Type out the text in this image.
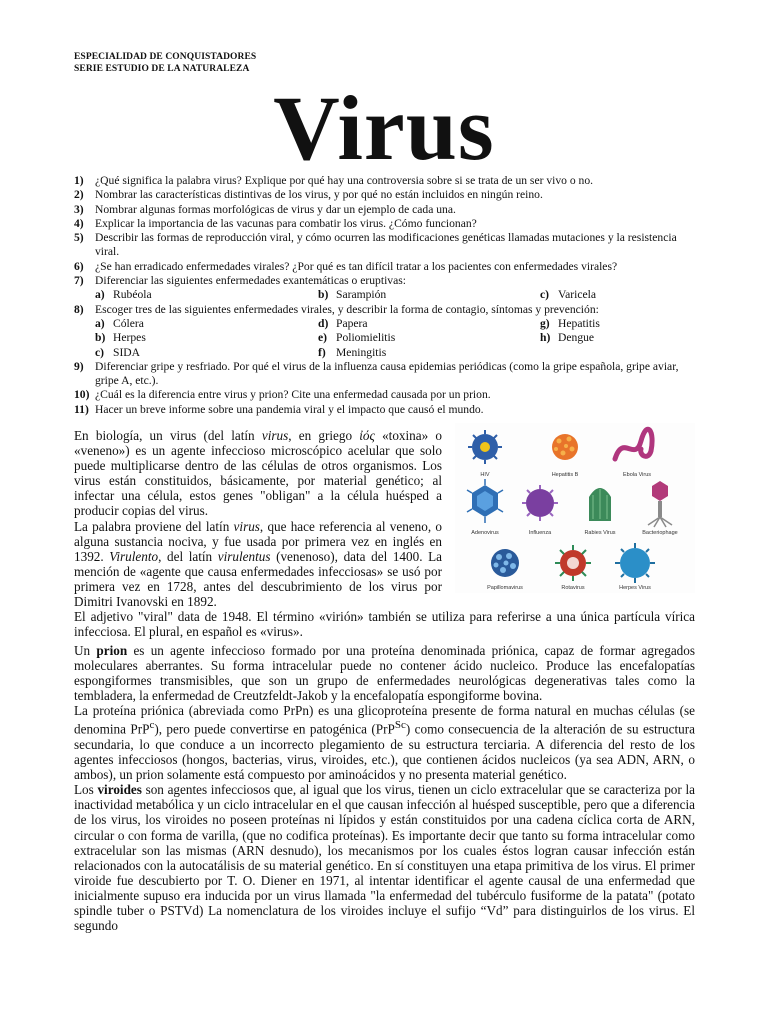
ESPECIALIDAD DE CONQUISTADORES
SERIE ESTUDIO DE LA NATURALEZA
Virus
1) ¿Qué significa la palabra virus? Explique por qué hay una controversia sobre si se trata de un ser vivo o no.
2) Nombrar las características distintivas de los virus, y por qué no están incluidos en ningún reino.
3) Nombrar algunas formas morfológicas de virus y dar un ejemplo de cada una.
4) Explicar la importancia de las vacunas para combatir los virus. ¿Cómo funcionan?
5) Describir las formas de reproducción viral, y cómo ocurren las modificaciones genéticas llamadas mutaciones y la resistencia viral.
6) ¿Se han erradicado enfermedades virales? ¿Por qué es tan difícil tratar a los pacientes con enfermedades virales?
7) Diferenciar las siguientes enfermedades exantemáticas o eruptivas:
a) Rubéola	b) Sarampión	c) Varicela
8) Escoger tres de las siguientes enfermedades virales, y describir la forma de contagio, síntomas y prevención:
a) Cólera	d) Papera	g) Hepatitis
b) Herpes	e) Poliomielitis	h) Dengue
c) SIDA	f) Meningitis
9) Diferenciar gripe y resfriado. Por qué el virus de la influenza causa epidemias periódicas (como la gripe española, gripe aviar, gripe A, etc.).
10) ¿Cuál es la diferencia entre virus y prion? Cite una enfermedad causada por un prion.
11) Hacer un breve informe sobre una pandemia viral y el impacto que causó el mundo.
HIV	Hepatitis B	Ebola Virus
Adenovirus	Influenza	Rabies Virus	Bacteriophage
Papillomavirus	Rotavirus	Herpes Virus

En biología, un virus (del latín virus, en griego ἰός «toxina» o «veneno») es un agente infeccioso microscópico acelular que solo puede multiplicarse dentro de las células de otros organismos. Los virus están constituidos, básicamente, por material genético; al infectar una célula, estos genes "obligan" a la célula huésped a producir copias del virus.

La palabra proviene del latín virus, que hace referencia al veneno, o alguna sustancia nociva, y fue usada por primera vez en inglés en 1392. Virulento, del latín virulentus (venenoso), data del 1400. La mención de «agente que causa enfermedades infecciosas» se usó por primera vez en 1728, antes del descubrimiento de los virus por Dimitri Ivanovski en 1892.

El adjetivo "viral" data de 1948. El término «virión» también se utiliza para referirse a una única partícula vírica infecciosa. El plural, en español es «virus».

Un prion es un agente infeccioso formado por una proteína denominada priónica, capaz de formar agregados moleculares aberrantes. Su forma intracelular puede no contener ácido nucleico. Produce las encefalopatías espongiformes transmisibles, que son un grupo de enfermedades neurológicas degenerativas tales como la tembladera, la enfermedad de Creutzfeldt-Jakob y la encefalopatía espongiforme bovina.

La proteína priónica (abreviada como PrPn) es una glicoproteína presente de forma natural en muchas células (se denomina PrP$^c$), pero puede convertirse en patogénica (PrP$^{Sc}$) como consecuencia de la alteración de su estructura secundaria, lo que conduce a un incorrecto plegamiento de su estructura terciaria. A diferencia del resto de los agentes infecciosos (hongos, bacterias, virus, viroides, etc.), que contienen ácidos nucleicos (ya sea ADN, ARN, o ambos), un prion solamente está compuesto por aminoácidos y no presenta material genético.

Los viroides son agentes infecciosos que, al igual que los virus, tienen un ciclo extracelular que se caracteriza por la inactividad metabólica y un ciclo intracelular en el que causan infección al huésped susceptible, pero que a diferencia de los virus, los viroides no poseen proteínas ni lípidos y están constituidos por una cadena cíclica corta de ARN, circular o con forma de varilla, (que no codifica proteínas). Es importante decir que tanto su forma intracelular como extracelular son las mismas (ARN desnudo), los mecanismos por los cuales éstos logran causar infección están relacionados con la autocatálisis de su material genético. En sí constituyen una etapa primitiva de los virus. El primer viroide fue descubierto por T. O. Diener en 1971, al intentar identificar el agente causal de una enfermedad que inicialmente supuso era inducida por un virus llamada "la enfermedad del tubérculo fusiforme de la patata" (potato spindle tuber o PSTVd) La nomenclatura de los viroides incluye el sufijo “Vd” para distinguirlos de los virus. El segundo
